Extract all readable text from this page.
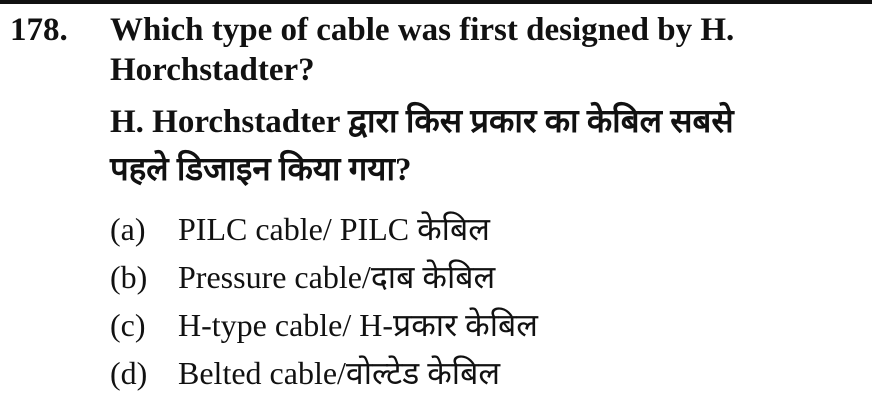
178. Which type of cable was first designed by H.
Horchstadter?
H. Horchstadter द्वारा किस प्रकार का केबिल सबसे
पहले डिजाइन किया गया?
(a)	PILC cable/ PILC केबिल
(b) Pressure cable/दाब केबिल
(c)	H-type cable/ H-प्रकार केबिल
(d) Belted cable/वोल्टेड केबिल
